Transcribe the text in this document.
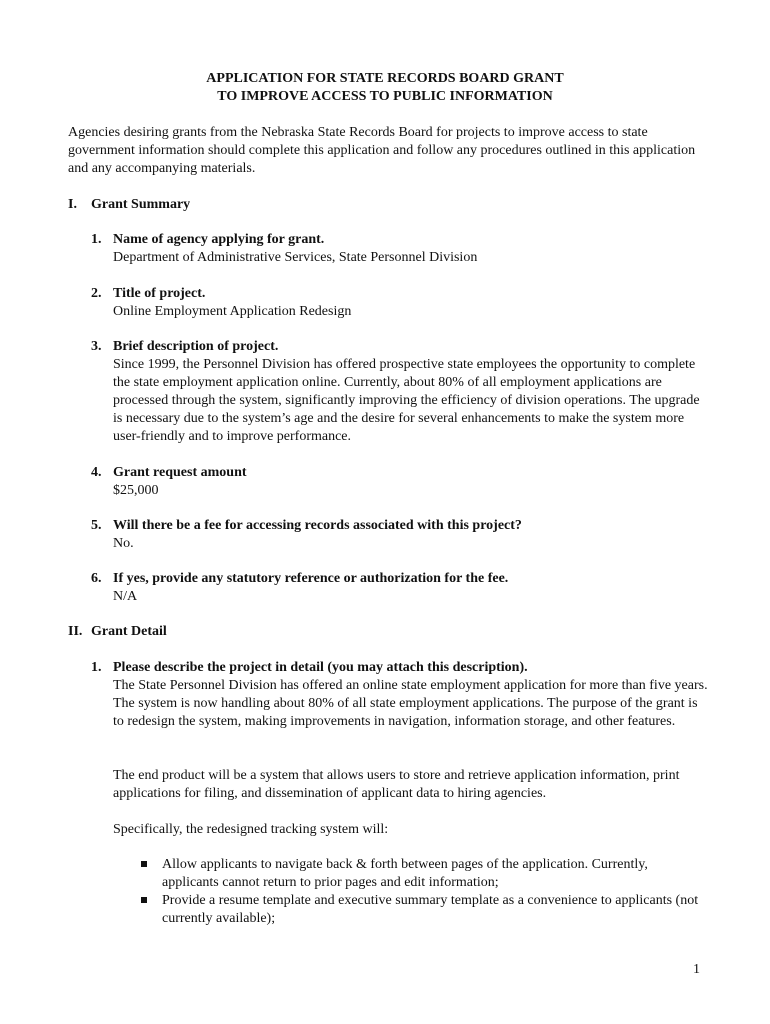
APPLICATION FOR STATE RECORDS BOARD GRANT
TO IMPROVE ACCESS TO PUBLIC INFORMATION
Agencies desiring grants from the Nebraska State Records Board for projects to improve access to state government information should complete this application and follow any procedures outlined in this application and any accompanying materials.
I. Grant Summary
1. Name of agency applying for grant.
Department of Administrative Services, State Personnel Division
2. Title of project.
Online Employment Application Redesign
3. Brief description of project.
Since 1999, the Personnel Division has offered prospective state employees the opportunity to complete the state employment application online. Currently, about 80% of all employment applications are processed through the system, significantly improving the efficiency of division operations. The upgrade is necessary due to the system’s age and the desire for several enhancements to make the system more user-friendly and to improve performance.
4. Grant request amount
$25,000
5. Will there be a fee for accessing records associated with this project?
No.
6. If yes, provide any statutory reference or authorization for the fee.
N/A
II. Grant Detail
1. Please describe the project in detail (you may attach this description).
The State Personnel Division has offered an online state employment application for more than five years. The system is now handling about 80% of all state employment applications. The purpose of the grant is to redesign the system, making improvements in navigation, information storage, and other features.
The end product will be a system that allows users to store and retrieve application information, print applications for filing, and dissemination of applicant data to hiring agencies.
Specifically, the redesigned tracking system will:
Allow applicants to navigate back & forth between pages of the application. Currently, applicants cannot return to prior pages and edit information;
Provide a resume template and executive summary template as a convenience to applicants (not currently available);
1
